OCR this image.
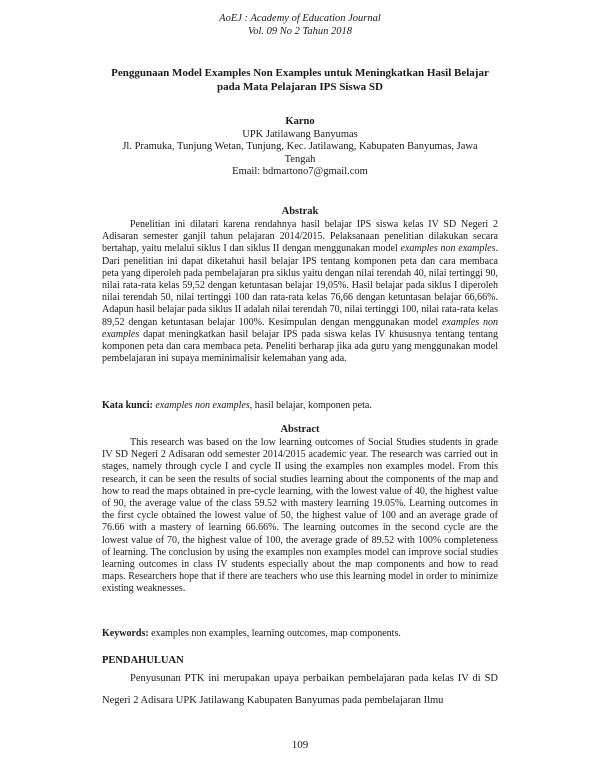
AoEJ : Academy of Education Journal
Vol. 09 No 2 Tahun 2018
Penggunaan Model Examples Non Examples untuk Meningkatkan Hasil Belajar pada Mata Pelajaran IPS Siswa SD
Karno
UPK Jatilawang Banyumas
Jl. Pramuka, Tunjung Wetan, Tunjung, Kec. Jatilawang, Kabupaten Banyumas, Jawa Tengah
Email: bdmartono7@gmail.com
Abstrak

Penelitian ini dilatari karena rendahnya hasil belajar IPS siswa kelas IV SD Negeri 2 Adisaran semester ganjil tahun pelajaran 2014/2015. Pelaksanaan penelitian dilakukan secara bertahap, yaitu melalui siklus I dan siklus II dengan menggunakan model examples non examples. Dari penelitian ini dapat diketahui hasil belajar IPS tentang komponen peta dan cara membaca peta yang diperoleh pada pembelajaran pra siklus yaitu dengan nilai terendah 40, nilai tertinggi 90, nilai rata-rata kelas 59,52 dengan ketuntasan belajar 19,05%. Hasil belajar pada siklus I diperoleh nilai terendah 50, nilai tertinggi 100 dan rata-rata kelas 76,66 dengan ketuntasan belajar 66,66%. Adapun hasil belajar pada siklus II adalah nilai terendah 70, nilai tertinggi 100, nilai rata-rata kelas 89,52 dengan ketuntasan belajar 100%. Kesimpulan dengan menggunakan model examples non examples dapat meningkatkan hasil belajar IPS pada siswa kelas IV khususnya tentang tentang komponen peta dan cara membaca peta. Peneliti berharap jika ada guru yang menggunakan model pembelajaran ini supaya meminimalisir kelemahan yang ada.

Kata kunci: examples non examples, hasil belajar, komponen peta.

Abstract

This research was based on the low learning outcomes of Social Studies students in grade IV SD Negeri 2 Adisaran odd semester 2014/2015 academic year. The research was carried out in stages, namely through cycle I and cycle II using the examples non examples model. From this research, it can be seen the results of social studies learning about the components of the map and how to read the maps obtained in pre-cycle learning, with the lowest value of 40, the highest value of 90, the average value of the class 59.52 with mastery learning 19.05%. Learning outcomes in the first cycle obtained the lowest value of 50, the highest value of 100 and an average grade of 76.66 with a mastery of learning 66.66%. The learning outcomes in the second cycle are the lowest value of 70, the highest value of 100, the average grade of 89.52 with 100% completeness of learning. The conclusion by using the examples non examples model can improve social studies learning outcomes in class IV students especially about the map components and how to read maps. Researchers hope that if there are teachers who use this learning model in order to minimize existing weaknesses.

Keywords: examples non examples, learning outcomes, map components.

PENDAHULUAN

Penyusunan PTK ini merupakan upaya perbaikan pembelajaran pada kelas IV di SD Negeri 2 Adisara UPK Jatilawang Kabupaten Banyumas pada pembelajaran Ilmu

109
